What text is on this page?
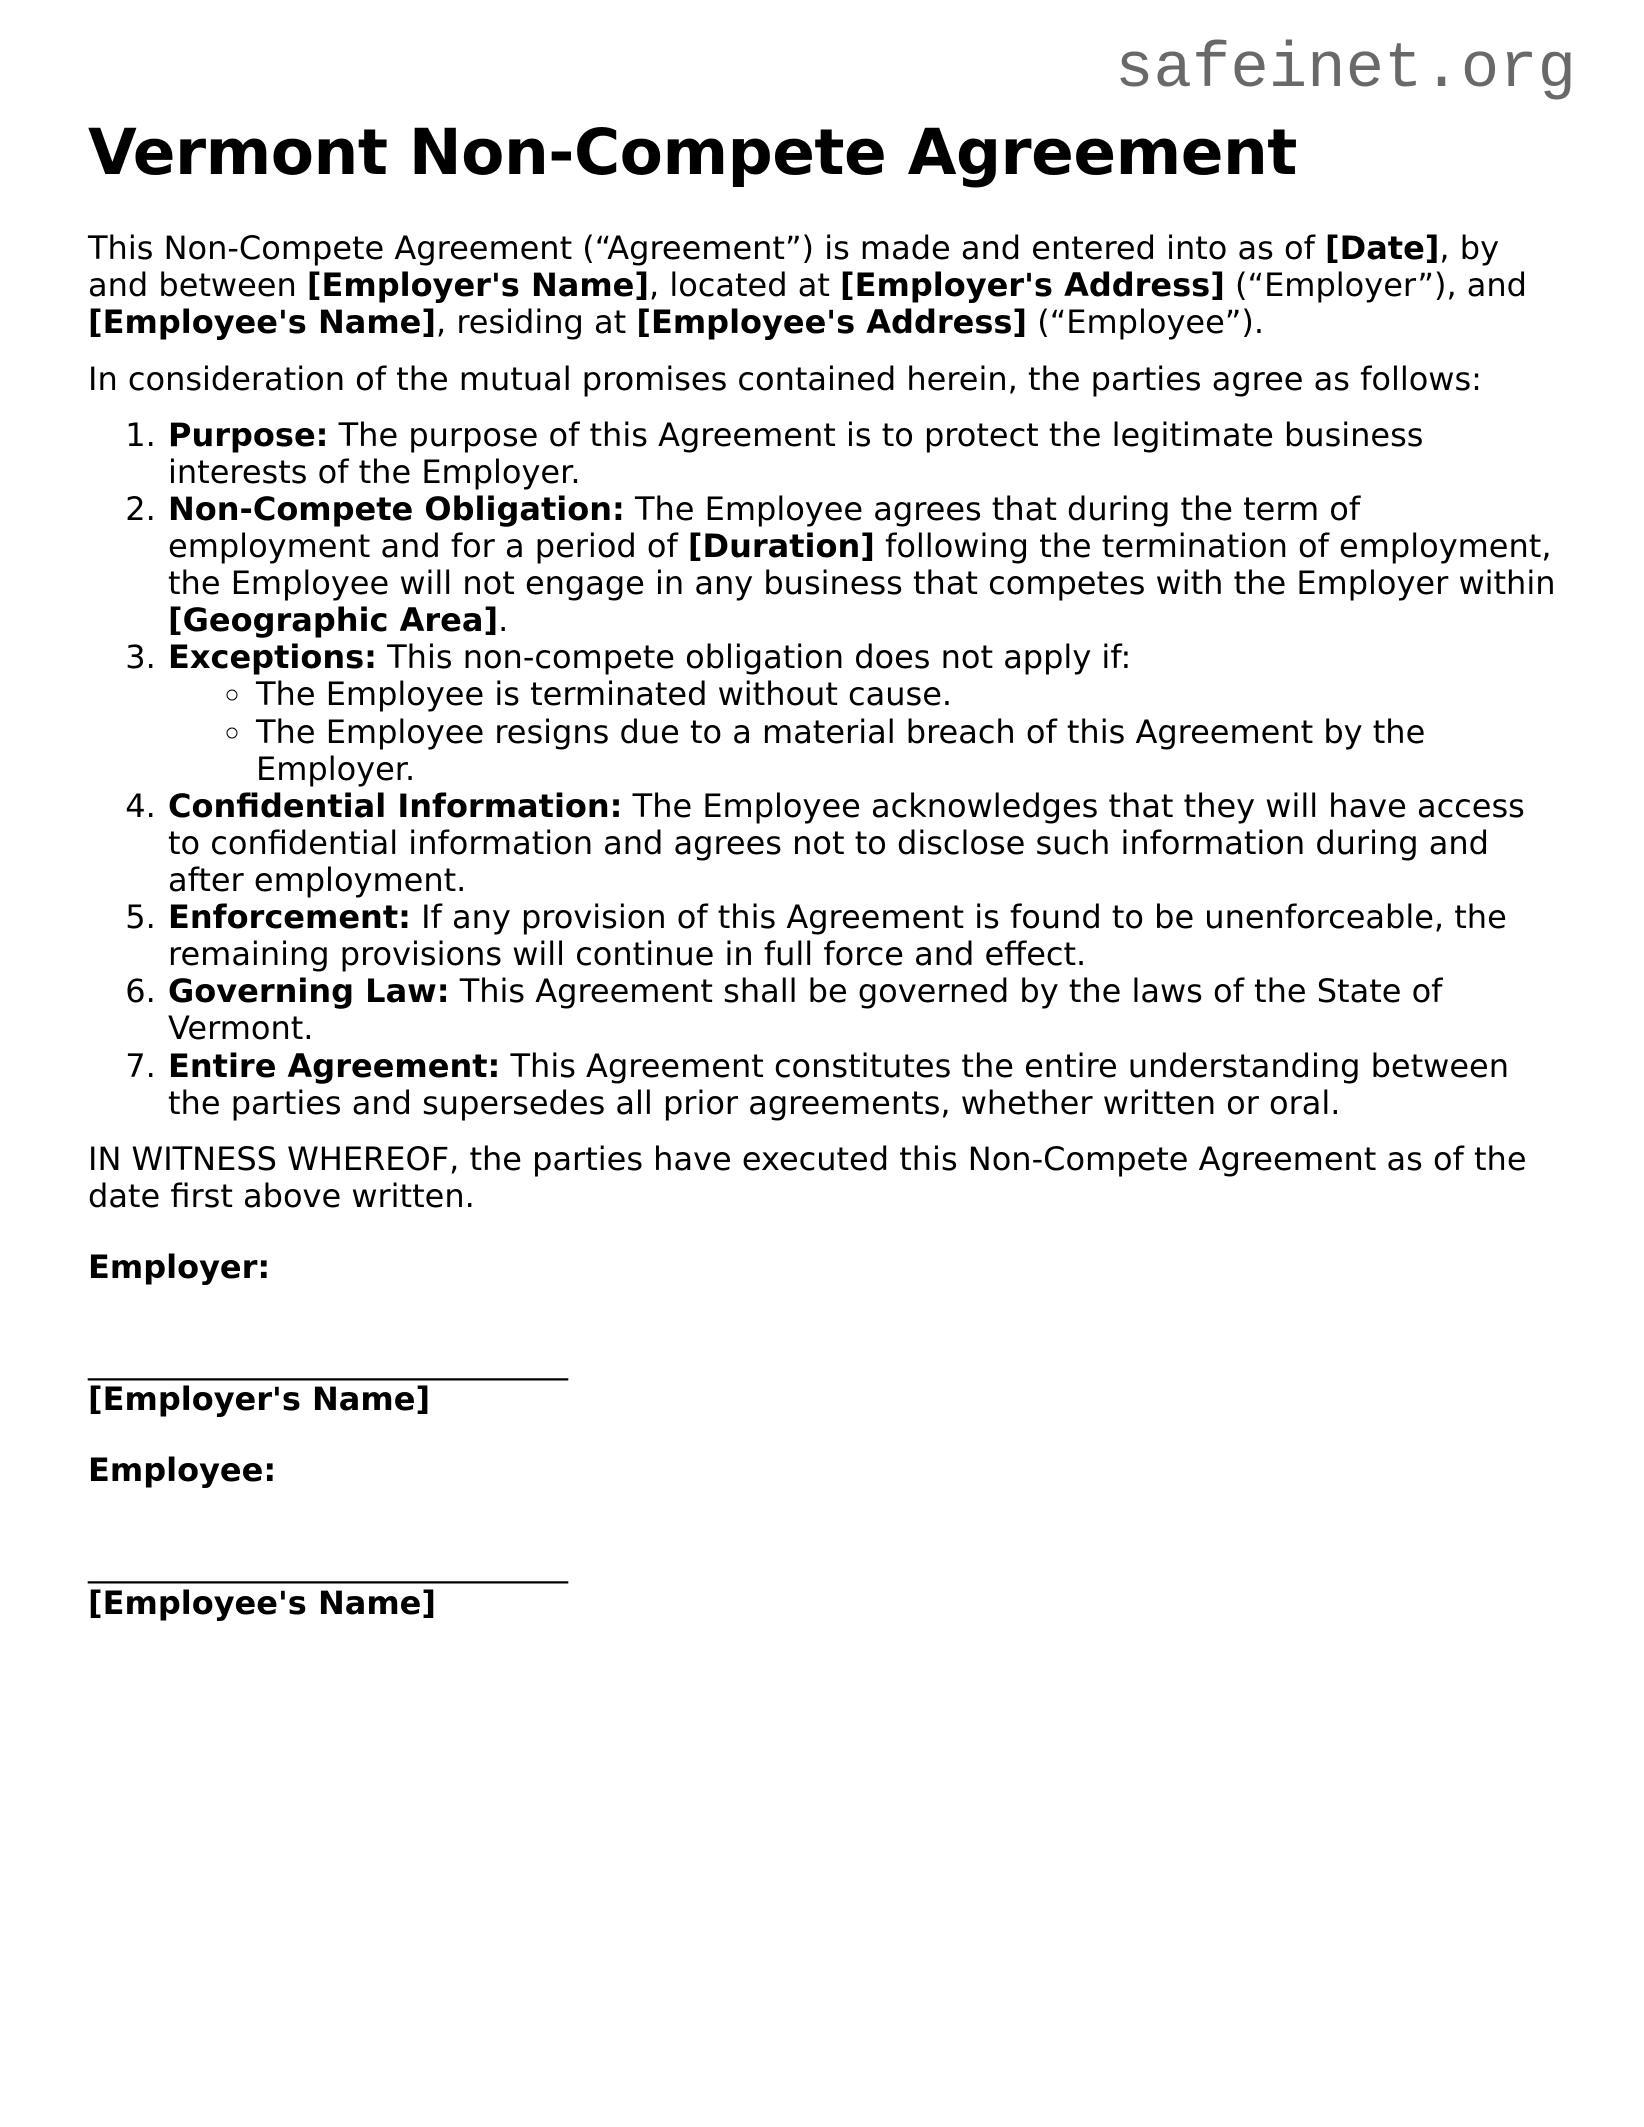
safeinet.org
Vermont Non-Compete Agreement

This Non-Compete Agreement (“Agreement”) is made and entered into as of [Date], by and between [Employer's Name], located at [Employer's Address] (“Employer”), and [Employee's Name], residing at [Employee's Address] (“Employee”).

In consideration of the mutual promises contained herein, the parties agree as follows:

1. Purpose: The purpose of this Agreement is to protect the legitimate business interests of the Employer.
2. Non-Compete Obligation: The Employee agrees that during the term of employment and for a period of [Duration] following the termination of employment, the Employee will not engage in any business that competes with the Employer within [Geographic Area].
3. Exceptions: This non-compete obligation does not apply if:
◦ The Employee is terminated without cause.
◦ The Employee resigns due to a material breach of this Agreement by the Employer.
4. Confidential Information: The Employee acknowledges that they will have access to confidential information and agrees not to disclose such information during and after employment.
5. Enforcement: If any provision of this Agreement is found to be unenforceable, the remaining provisions will continue in full force and effect.
6. Governing Law: This Agreement shall be governed by the laws of the State of Vermont.
7. Entire Agreement: This Agreement constitutes the entire understanding between the parties and supersedes all prior agreements, whether written or oral.

IN WITNESS WHEREOF, the parties have executed this Non-Compete Agreement as of the date first above written.

Employer:

______________________________
[Employer's Name]

Employee:

______________________________
[Employee's Name]
